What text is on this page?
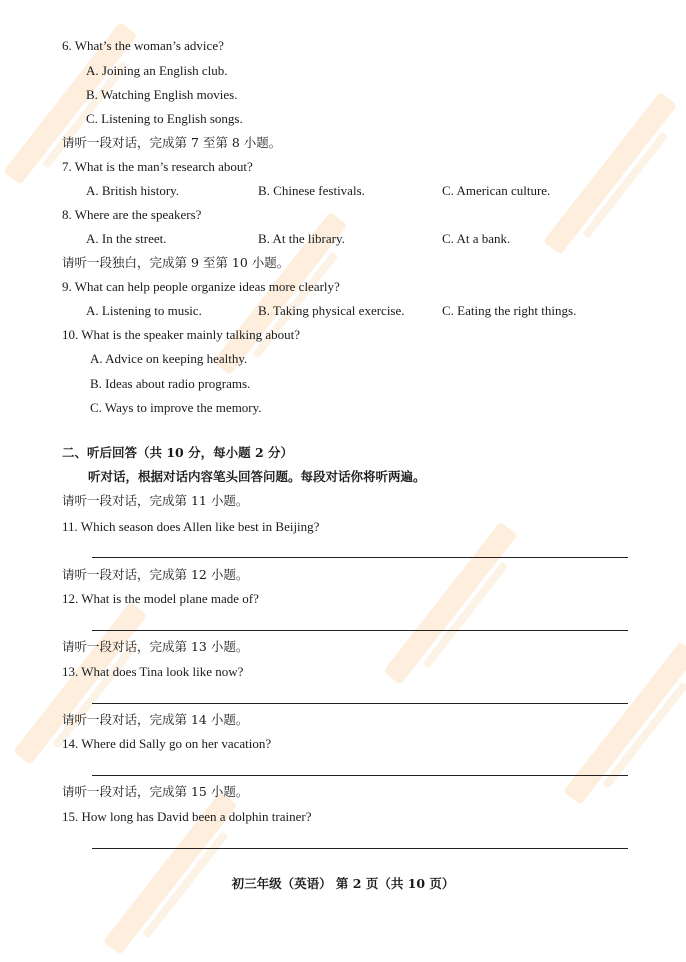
6. What’s the woman’s advice?
A. Joining an English club.
B. Watching English movies.
C. Listening to English songs.
请听一段对话，完成第 7 至第 8 小题。
7. What is the man’s research about?
A. British history.	B. Chinese festivals.	C. American culture.
8. Where are the speakers?
A. In the street.	B. At the library.	C. At a bank.
请听一段独白，完成第 9 至第 10 小题。
9. What can help people organize ideas more clearly?
A. Listening to music.	B. Taking physical exercise.	C. Eating the right things.
10. What is the speaker mainly talking about?
A. Advice on keeping healthy.
B. Ideas about radio programs.
C. Ways to improve the memory.
二、听后回答（共 10 分，每小题 2 分）
听对话，根据对话内容笔头回答问题。每段对话你将听两遍。
请听一段对话，完成第 11 小题。
11. Which season does Allen like best in Beijing?
请听一段对话，完成第 12 小题。
12. What is the model plane made of?
请听一段对话，完成第 13 小题。
13. What does Tina look like now?
请听一段对话，完成第 14 小题。
14. Where did Sally go on her vacation?
请听一段对话，完成第 15 小题。
15. How long has David been a dolphin trainer?
初三年级（英语） 第 2 页（共 10 页）
